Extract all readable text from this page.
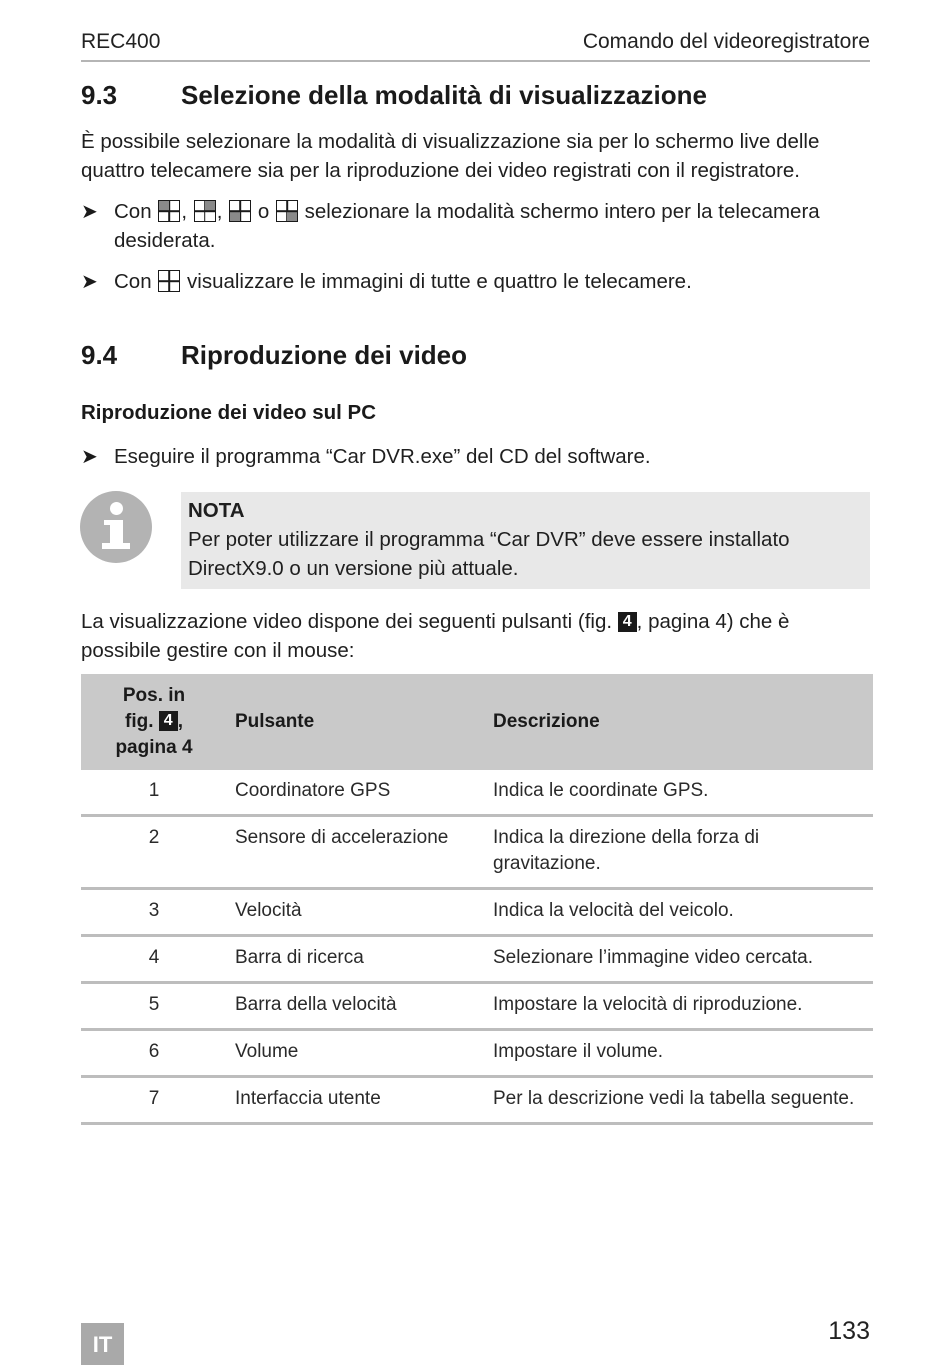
REC400	Comando del videoregistratore
9.3 Selezione della modalità di visualizzazione
È possibile selezionare la modalità di visualizzazione sia per lo schermo live delle
quattro telecamere sia per la riproduzione dei video registrati con il registratore.
➤ Con , , o selezionare la modalità schermo intero per la telecamera
desiderata.
➤ Con visualizzare le immagini di tutte e quattro le telecamere.
9.4 Riproduzione dei video
Riproduzione dei video sul PC
➤ Eseguire il programma “Car DVR.exe” del CD del software.
NOTA
Per poter utilizzare il programma “Car DVR” deve essere installato
DirectX9.0 o un versione più attuale.
La visualizzazione video dispone dei seguenti pulsanti (fig. 4 , pagina 4) che è
possibile gestire con il mouse:
Pos. in
fig. 4 ,
pagina 4	Pulsante	Descrizione
1	Coordinatore GPS	Indica le coordinate GPS.
2	Sensore di accelerazione	Indica la direzione della forza di gravitazione.
3	Velocità	Indica la velocità del veicolo.
4	Barra di ricerca	Selezionare l’immagine video cercata.
5	Barra della velocità	Impostare la velocità di riproduzione.
6	Volume	Impostare il volume.
7	Interfaccia utente	Per la descrizione vedi la tabella seguente.
IT	133
